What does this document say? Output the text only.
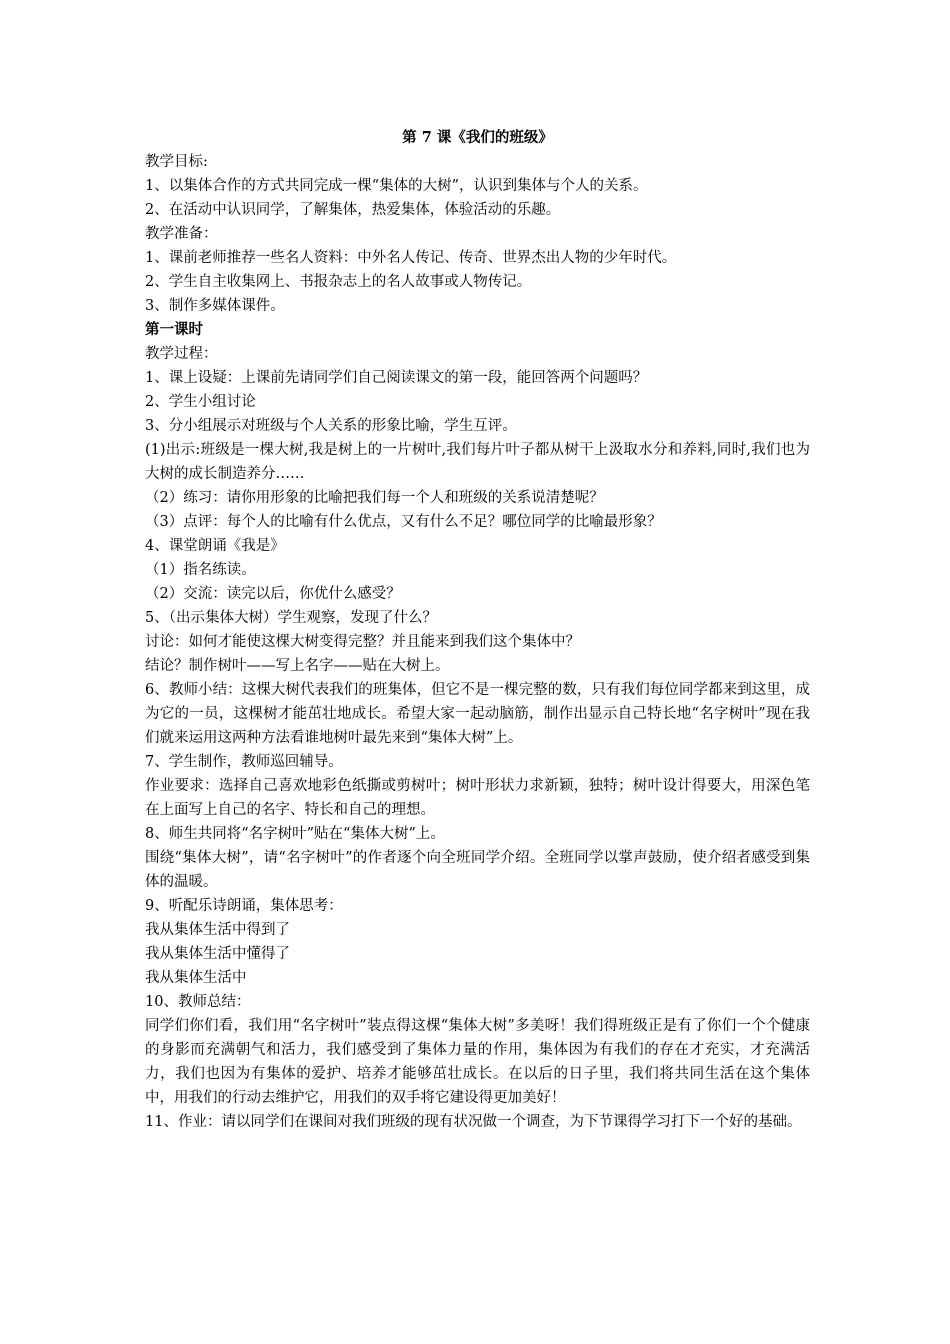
第 7 课《我们的班级》
教学目标:
1、以集体合作的方式共同完成一棵“集体的大树”，认识到集体与个人的关系。
2、在活动中认识同学，了解集体，热爱集体，体验活动的乐趣。
教学准备：
1、课前老师推荐一些名人资料：中外名人传记、传奇、世界杰出人物的少年时代。
2、学生自主收集网上、书报杂志上的名人故事或人物传记。
3、制作多媒体课件。
第一课时
教学过程：
1、课上设疑：上课前先请同学们自己阅读课文的第一段，能回答两个问题吗？
2、学生小组讨论
3、分小组展示对班级与个人关系的形象比喻，学生互评。
(1)出示:班级是一棵大树,我是树上的一片树叶,我们每片叶子都从树干上汲取水分和养料,同时,我们也为大树的成长制造养分……
（2）练习：请你用形象的比喻把我们每一个人和班级的关系说清楚呢？
（3）点评：每个人的比喻有什么优点，又有什么不足？哪位同学的比喻最形象？
4、课堂朗诵《我是》
（1）指名练读。
（2）交流：读完以后，你优什么感受？
5、（出示集体大树）学生观察，发现了什么？
讨论：如何才能使这棵大树变得完整？并且能来到我们这个集体中？
结论？制作树叶——写上名字——贴在大树上。
6、教师小结：这棵大树代表我们的班集体，但它不是一棵完整的数，只有我们每位同学都来到这里，成为它的一员，这棵树才能茁壮地成长。希望大家一起动脑筋，制作出显示自己特长地“名字树叶”现在我们就来运用这两种方法看谁地树叶最先来到“集体大树”上。
7、学生制作，教师巡回辅导。
作业要求：选择自己喜欢地彩色纸撕或剪树叶；树叶形状力求新颖，独特；树叶设计得要大，用深色笔在上面写上自己的名字、特长和自己的理想。
8、师生共同将“名字树叶”贴在“集体大树”上。
围绕“集体大树”，请“名字树叶”的作者逐个向全班同学介绍。全班同学以掌声鼓励，使介绍者感受到集体的温暖。
9、听配乐诗朗诵，集体思考：
我从集体生活中得到了
我从集体生活中懂得了
我从集体生活中
10、教师总结：
同学们你们看，我们用“名字树叶”装点得这棵“集体大树”多美呀！我们得班级正是有了你们一个个健康的身影而充满朝气和活力，我们感受到了集体力量的作用，集体因为有我们的存在才充实，才充满活力，我们也因为有集体的爱护、培养才能够茁壮成长。在以后的日子里，我们将共同生活在这个集体中，用我们的行动去维护它，用我们的双手将它建设得更加美好！
11、作业：请以同学们在课间对我们班级的现有状况做一个调查，为下节课得学习打下一个好的基础。
